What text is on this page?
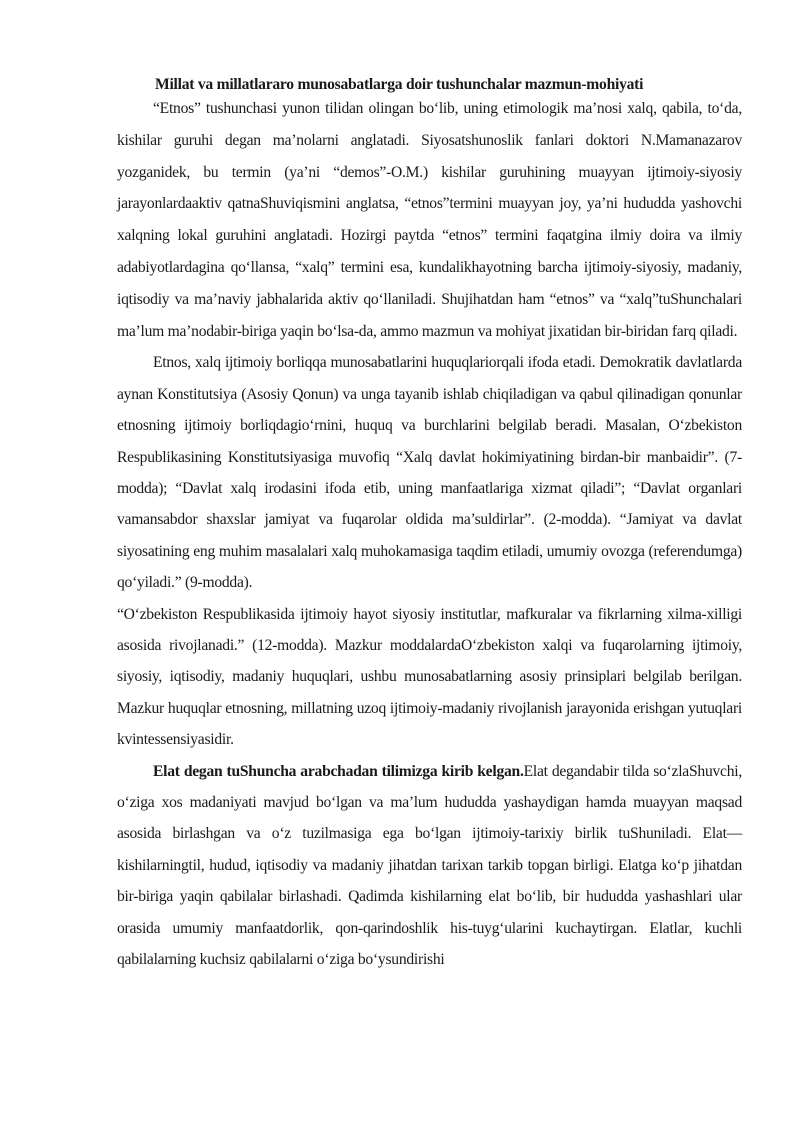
Millat va millatlararo munosabatlarga doir tushunchalar mazmun-mohiyati

“Etnos” tushunchasi yunon tilidan olingan bo‘lib, uning etimologik ma’nosi xalq, qabila, to‘da, kishilar guruhi degan ma’nolarni anglatadi. Siyosatshunoslik fanlari doktori N.Mamanazarov yozganidek, bu termin (ya’ni “demos”-O.M.) kishilar guruhining muayyan ijtimoiy-siyosiy jarayonlardaaktiv qatnaShuviqismini anglatsa, “etnos”termini muayyan joy, ya’ni hududda yashovchi xalqning lokal guruhini anglatadi. Hozirgi paytda “etnos” termini faqatgina ilmiy doira va ilmiy adabiyotlardagina qo‘llansa, “xalq” termini esa, kundalikhayotning barcha ijtimoiy-siyosiy, madaniy, iqtisodiy va ma’naviy jabhalarida aktiv qo‘llaniladi. Shujihatdan ham “etnos” va “xalq”tuShunchalari ma’lum ma’nodabir-biriga yaqin bo‘lsa-da, ammo mazmun va mohiyat jixatidan bir-biridan farq qiladi.

Etnos, xalq ijtimoiy borliqqa munosabatlarini huquqlariorqali ifoda etadi. Demokratik davlatlarda aynan Konstitutsiya (Asosiy Qonun) va unga tayanib ishlab chiqiladigan va qabul qilinadigan qonunlar etnosning ijtimoiy borliqdagio‘rnini, huquq va burchlarini belgilab beradi. Masalan, O‘zbekiston Respublikasining Konstitutsiyasiga muvofiq “Xalq davlat hokimiyatining birdan-bir manbaidir”. (7- modda); “Davlat xalq irodasini ifoda etib, uning manfaatlariga xizmat qiladi”; “Davlat organlari vamansabdor shaxslar jamiyat va fuqarolar oldida ma’suldirlar”. (2-modda). “Jamiyat va davlat siyosatining eng muhim masalalari xalq muhokamasiga taqdim etiladi, umumiy ovozga (referendumga) qo‘yiladi.” (9-modda).

“O‘zbekiston Respublikasida ijtimoiy hayot siyosiy institutlar, mafkuralar va fikrlarning xilma-xilligi asosida rivojlanadi.” (12-modda). Mazkur moddalardaO‘zbekiston xalqi va fuqarolarning ijtimoiy, siyosiy, iqtisodiy, madaniy huquqlari, ushbu munosabatlarning asosiy prinsiplari belgilab berilgan. Mazkur huquqlar etnosning, millatning uzoq ijtimoiy-madaniy rivojlanish jarayonida erishgan yutuqlari kvintessensiyasidir.

Elat degan tuShuncha arabchadan tilimizga kirib kelgan.Elat degandabir tilda so‘zlaShuvchi, o‘ziga xos madaniyati mavjud bo‘lgan va ma’lum hududda yashaydigan hamda muayyan maqsad asosida birlashgan va o‘z tuzilmasiga ega bo‘lgan ijtimoiy-tarixiy birlik tuShuniladi. Elat— kishilarningtil, hudud, iqtisodiy va madaniy jihatdan tarixan tarkib topgan birligi. Elatga ko‘p jihatdan bir-biriga yaqin qabilalar birlashadi. Qadimda kishilarning elat bo‘lib, bir hududda yashashlari ular orasida umumiy manfaatdorlik, qon-qarindoshlik his-tuyg‘ularini kuchaytirgan. Elatlar, kuchli qabilalarning kuchsiz qabilalarni o‘ziga bo‘ysundirishi
